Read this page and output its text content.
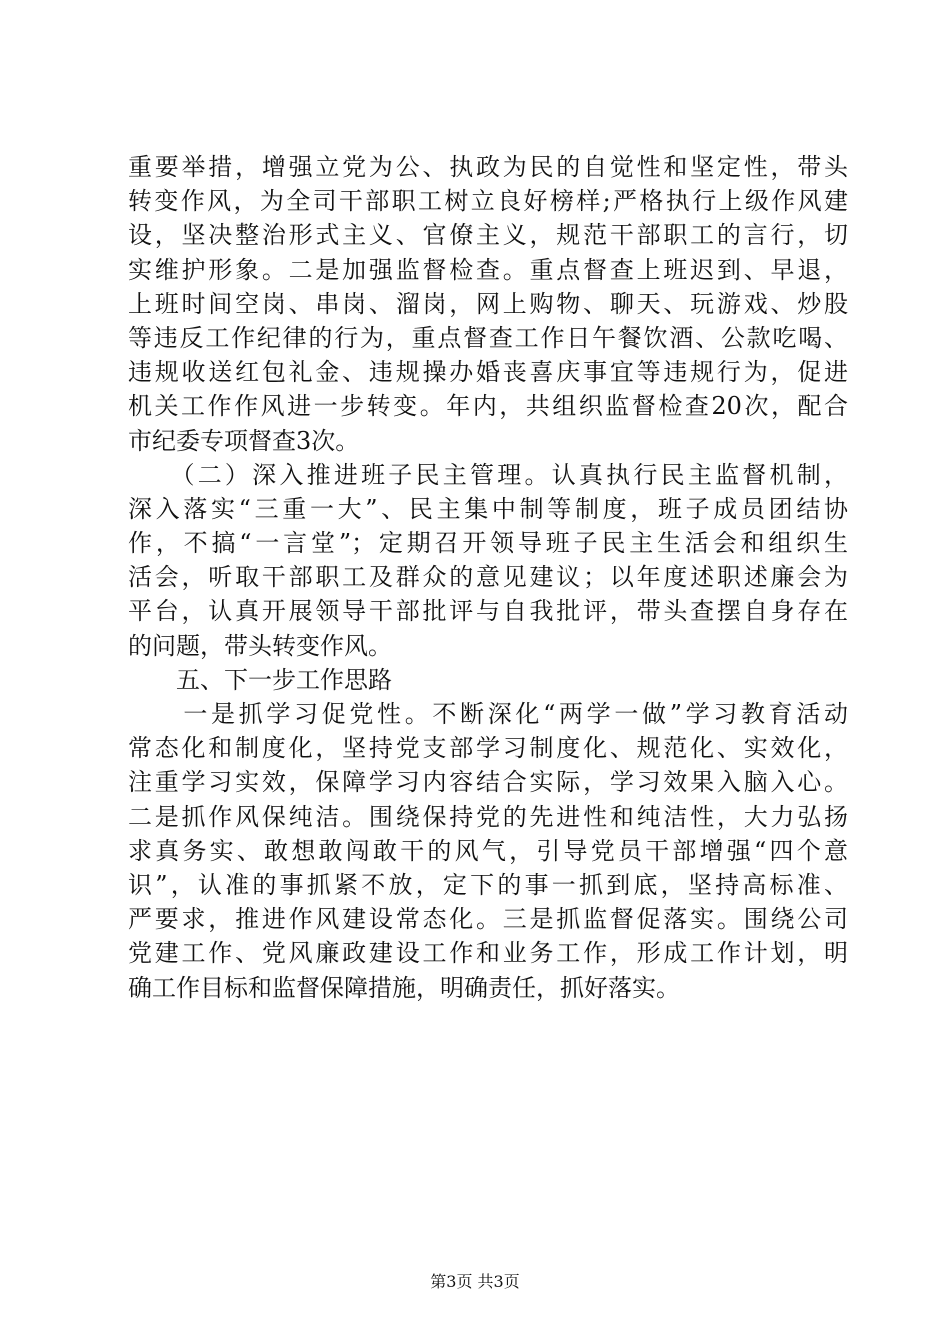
重要举措，增强立党为公、执政为民的自觉性和坚定性，带头
转变作风，为全司干部职工树立良好榜样;严格执行上级作风建
设，坚决整治形式主义、官僚主义，规范干部职工的言行，切
实维护形象。二是加强监督检查。重点督查上班迟到、早退，
上班时间空岗、串岗、溜岗，网上购物、聊天、玩游戏、炒股
等违反工作纪律的行为，重点督查工作日午餐饮酒、公款吃喝、
违规收送红包礼金、违规操办婚丧喜庆事宜等违规行为，促进
机关工作作风进一步转变。年内，共组织监督检查20次，配合
市纪委专项督查3次。
　　（二）深入推进班子民主管理。认真执行民主监督机制，
深入落实“三重一大”、民主集中制等制度，班子成员团结协
作，不搞“一言堂”；定期召开领导班子民主生活会和组织生
活会，听取干部职工及群众的意见建议；以年度述职述廉会为
平台，认真开展领导干部批评与自我批评，带头查摆自身存在
的问题，带头转变作风。
　　五、下一步工作思路
　　一是抓学习促党性。不断深化“两学一做”学习教育活动
常态化和制度化，坚持党支部学习制度化、规范化、实效化，
注重学习实效，保障学习内容结合实际，学习效果入脑入心。
二是抓作风保纯洁。围绕保持党的先进性和纯洁性，大力弘扬
求真务实、敢想敢闯敢干的风气，引导党员干部增强“四个意
识”，认准的事抓紧不放，定下的事一抓到底，坚持高标准、
严要求，推进作风建设常态化。三是抓监督促落实。围绕公司
党建工作、党风廉政建设工作和业务工作，形成工作计划，明
确工作目标和监督保障措施，明确责任，抓好落实。
第3页 共3页
